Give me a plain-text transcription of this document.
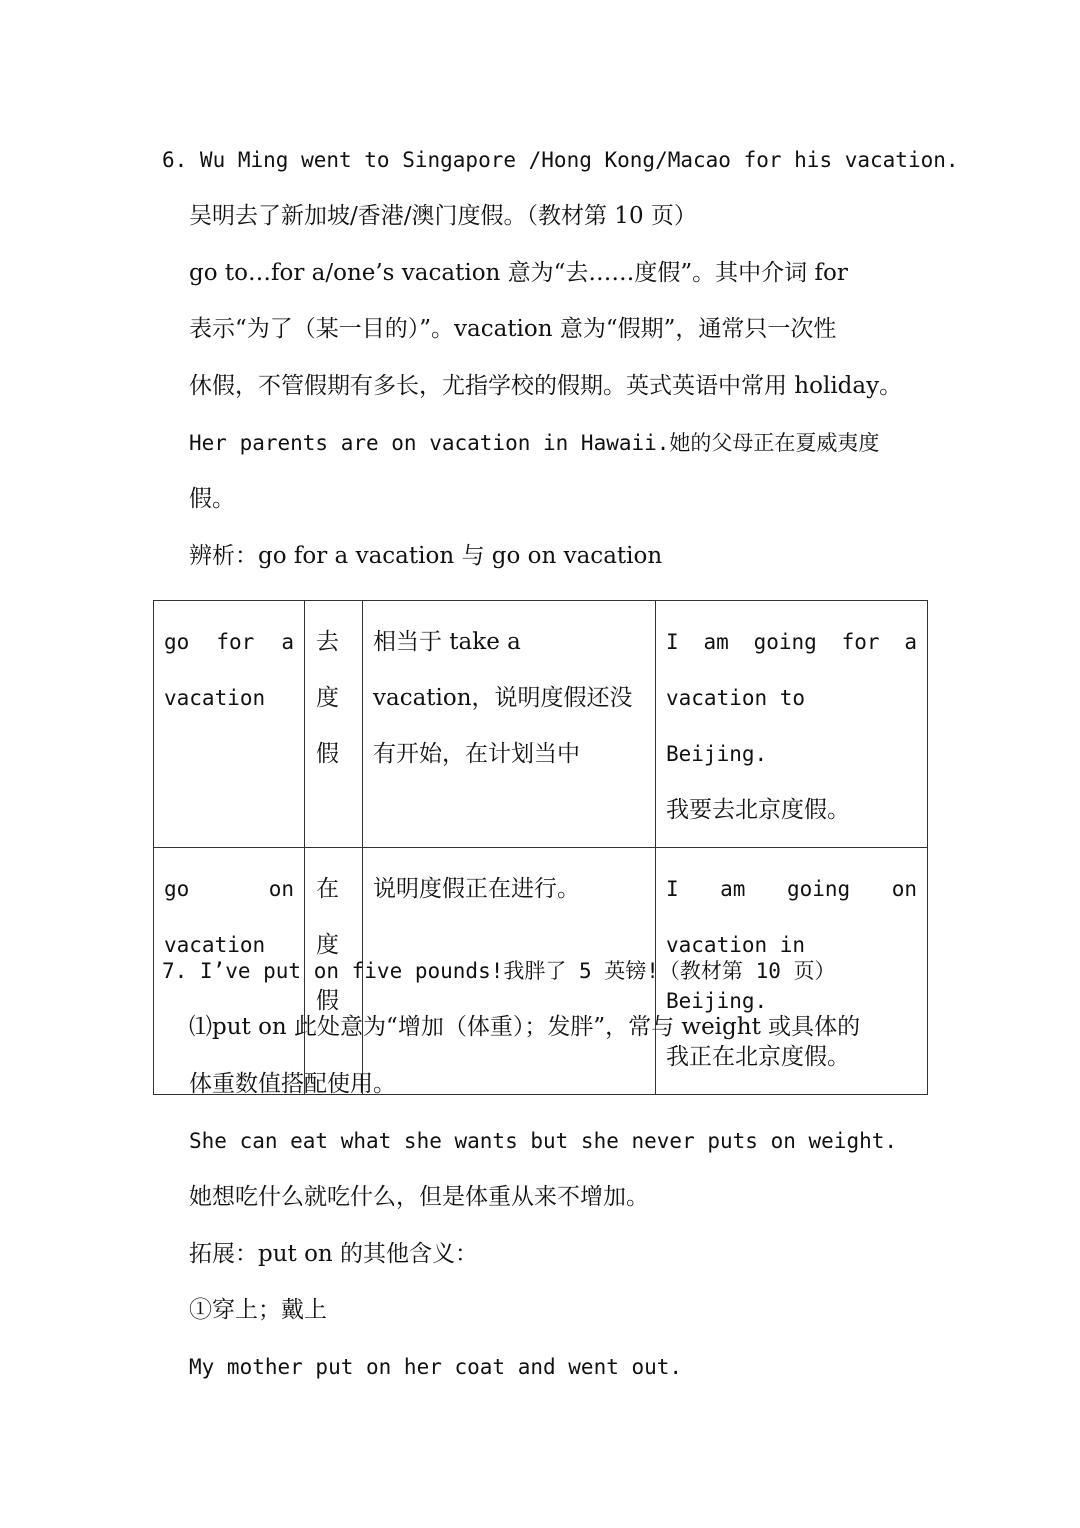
6. Wu Ming went to Singapore /Hong Kong/Macao for his vacation.
吴明去了新加坡/香港/澳门度假。（教材第 10 页）
go to…for a/one’s vacation 意为“去……度假”。其中介词 for
表示“为了（某一目的）”。vacation 意为“假期”，通常只一次性
休假，不管假期有多长，尤指学校的假期。英式英语中常用 holiday。
Her parents are on vacation in Hawaii.她的父母正在夏威夷度
假。
辨析：go for a vacation 与 go on vacation
go for a vacation	去度假	相当于 take a vacation，说明度假还没有开始，在计划当中	I am going for a
vacation to Beijing.
我要去北京度假。

go on vacation	在度假	说明度假正在进行。	I am going on
vacation in Beijing.
我正在北京度假。
7. I’ve put on five pounds!我胖了 5 英镑!（教材第 10 页）
⑴put on 此处意为“增加（体重）；发胖”，常与 weight 或具体的
体重数值搭配使用。
She can eat what she wants but she never puts on weight.
她想吃什么就吃什么，但是体重从来不增加。
拓展：put on 的其他含义：
①穿上；戴上
My mother put on her coat and went out.
